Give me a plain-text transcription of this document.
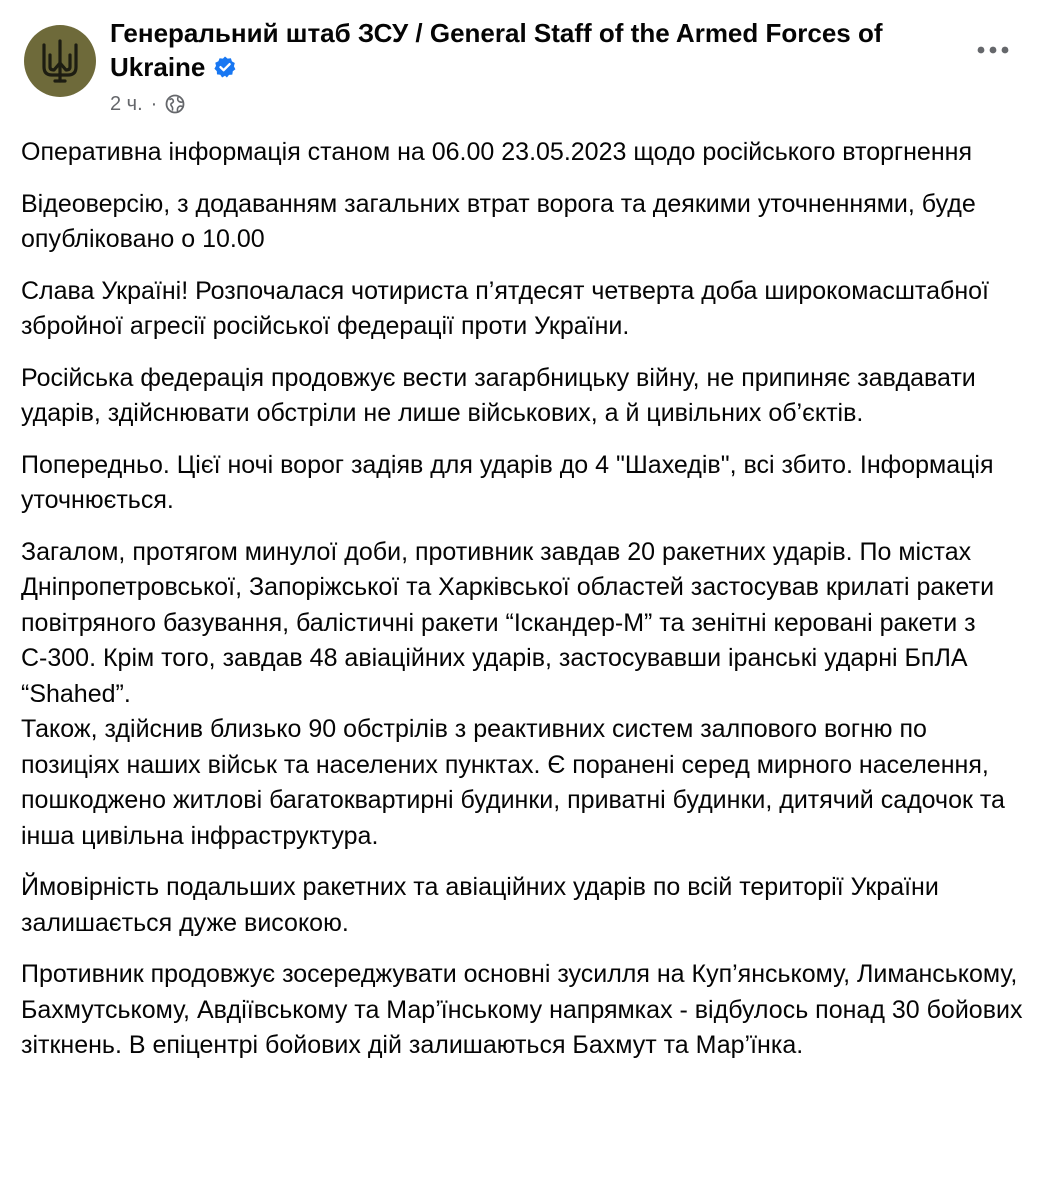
Генеральний штаб ЗСУ / General Staff of the Armed Forces of Ukraine
2 ч. ·

Оперативна інформація станом на 06.00 23.05.2023 щодо російського вторгнення

Відеоверсію, з додаванням загальних втрат ворога та деякими уточненнями, буде опубліковано о 10.00

Слава Україні! Розпочалася чотириста п’ятдесят четверта доба широкомасштабної збройної агресії російської федерації проти України.

Російська федерація продовжує вести загарбницьку війну, не припиняє завдавати ударів, здійснювати обстріли не лише військових, а й цивільних об’єктів.

Попередньо. Цієї ночі ворог задіяв для ударів до 4 "Шахедів", всі збито. Інформація уточнюється.

Загалом, протягом минулої доби, противник завдав 20 ракетних ударів. По містах Дніпропетровської, Запоріжської та Харківської областей застосував крилаті ракети повітряного базування, балістичні ракети “Іскандер-М” та зенітні керовані ракети з С-300. Крім того, завдав 48 авіаційних ударів, застосувавши іранські ударні БпЛА “Shahed”.
Також, здійснив близько 90 обстрілів з реактивних систем залпового вогню по позиціях наших військ та населених пунктах. Є поранені серед мирного населення, пошкоджено житлові багатоквартирні будинки, приватні будинки, дитячий садочок та інша цивільна інфраструктура.

Ймовірність подальших ракетних та авіаційних ударів по всій території України залишається дуже високою.

Противник продовжує зосереджувати основні зусилля на Куп’янському, Лиманському, Бахмутському, Авдіївському та Мар’їнському напрямках - відбулось понад 30 бойових зіткнень. В епіцентрі бойових дій залишаються Бахмут та Мар’їнка.
